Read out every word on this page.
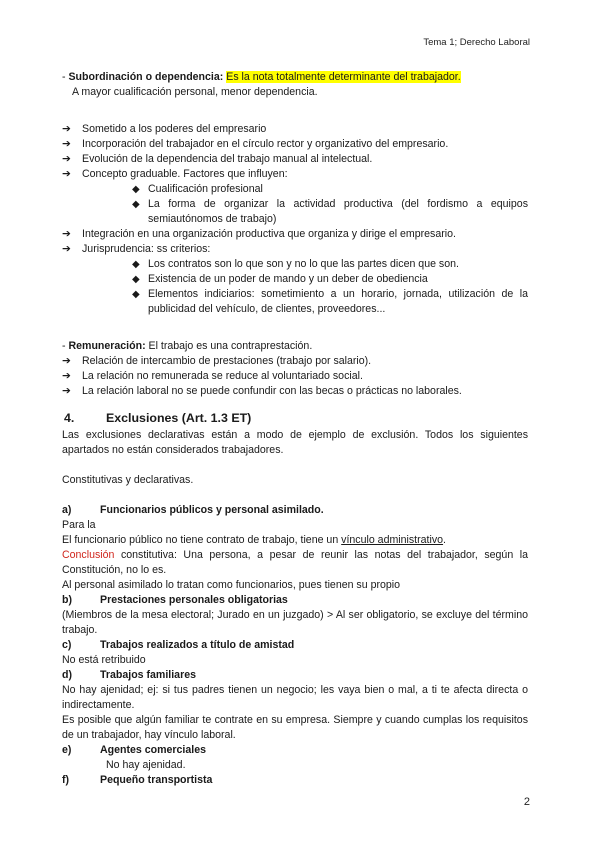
Tema 1; Derecho Laboral

- Subordinación o dependencia: Es la nota totalmente determinante del trabajador.

A mayor cualificación personal, menor dependencia.

➔	Sometido a los poderes del empresario
➔	Incorporación del trabajador en el círculo rector y organizativo del empresario.
➔	Evolución de la dependencia del trabajo manual al intelectual.
➔	Concepto graduable. Factores que influyen:
◆ Cualificación profesional
◆ La forma de organizar la actividad productiva (del fordismo a equipos semiautónomos de trabajo)
➔	Integración en una organización productiva que organiza y dirige el empresario.
➔	Jurisprudencia: ss criterios:
◆ Los contratos son lo que son y no lo que las partes dicen que son.
◆ Existencia de un poder de mando y un deber de obediencia
◆ Elementos indiciarios: sometimiento a un horario, jornada, utilización de la publicidad del vehículo, de clientes, proveedores...

- Remuneración: El trabajo es una contraprestación.

➔	Relación de intercambio de prestaciones (trabajo por salario).
➔	La relación no remunerada se reduce al voluntariado social.
➔	La relación laboral no se puede confundir con las becas o prácticas no laborales.
4.	Exclusiones (Art. 1.3 ET)

Las exclusiones declarativas están a modo de ejemplo de exclusión. Todos los siguientes apartados no están considerados trabajadores.

Constitutivas y declarativas.

a)	Funcionarios públicos y personal asimilado.

Para la

El funcionario público no tiene contrato de trabajo, tiene un vínculo administrativo.

Conclusión constitutiva: Una persona, a pesar de reunir las notas del trabajador, según la Constitución, no lo es.

Al personal asimilado lo tratan como funcionarios, pues tienen su propio

b)	Prestaciones personales obligatorias

(Miembros de la mesa electoral; Jurado en un juzgado) > Al ser obligatorio, se excluye del término trabajo.

c)	Trabajos realizados a título de amistad

No está retribuido

d)	Trabajos familiares

No hay ajenidad; ej: si tus padres tienen un negocio; les vaya bien o mal, a ti te afecta directa o indirectamente.

Es posible que algún familiar te contrate en su empresa. Siempre y cuando cumplas los requisitos de un trabajador, hay vínculo laboral.

e)	Agentes comerciales

No hay ajenidad.

f)	Pequeño transportista
2
